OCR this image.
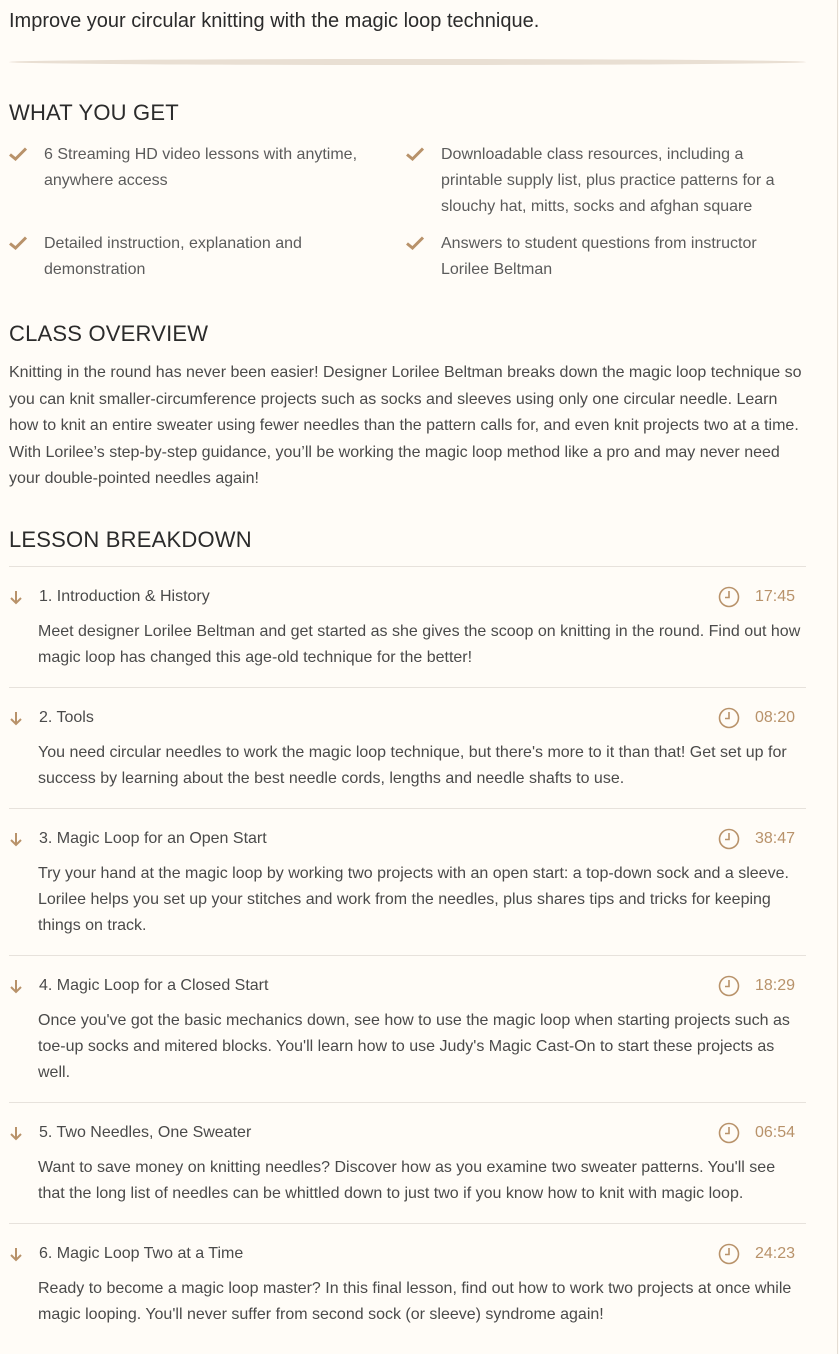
Improve your circular knitting with the magic loop technique.

WHAT YOU GET
6 Streaming HD video lessons with anytime, anywhere access
Downloadable class resources, including a printable supply list, plus practice patterns for a slouchy hat, mitts, socks and afghan square
Detailed instruction, explanation and demonstration
Answers to student questions from instructor Lorilee Beltman
CLASS OVERVIEW

Knitting in the round has never been easier! Designer Lorilee Beltman breaks down the magic loop technique so you can knit smaller-circumference projects such as socks and sleeves using only one circular needle. Learn how to knit an entire sweater using fewer needles than the pattern calls for, and even knit projects two at a time. With Lorilee’s step-by-step guidance, you’ll be working the magic loop method like a pro and may never need your double-pointed needles again!

LESSON BREAKDOWN
1. Introduction & History	17:45

Meet designer Lorilee Beltman and get started as she gives the scoop on knitting in the round. Find out how magic loop has changed this age-old technique for the better!

2. Tools	08:20

You need circular needles to work the magic loop technique, but there's more to it than that! Get set up for success by learning about the best needle cords, lengths and needle shafts to use.

3. Magic Loop for an Open Start	38:47

Try your hand at the magic loop by working two projects with an open start: a top-down sock and a sleeve. Lorilee helps you set up your stitches and work from the needles, plus shares tips and tricks for keeping things on track.

4. Magic Loop for a Closed Start	18:29

Once you've got the basic mechanics down, see how to use the magic loop when starting projects such as toe-up socks and mitered blocks. You'll learn how to use Judy's Magic Cast-On to start these projects as well.

5. Two Needles, One Sweater	06:54

Want to save money on knitting needles? Discover how as you examine two sweater patterns. You'll see that the long list of needles can be whittled down to just two if you know how to knit with magic loop.

6. Magic Loop Two at a Time	24:23

Ready to become a magic loop master? In this final lesson, find out how to work two projects at once while magic looping. You'll never suffer from second sock (or sleeve) syndrome again!
